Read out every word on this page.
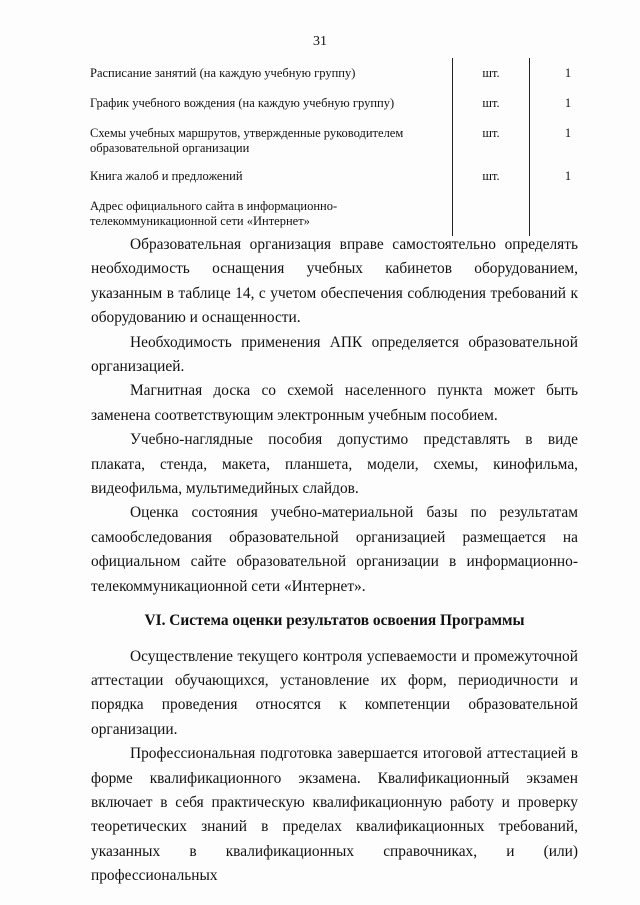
31
Расписание занятий (на каждую учебную группу)	шт.	1
График учебного вождения (на каждую учебную группу)	шт.	1
Схемы учебных маршрутов, утвержденные руководителем образовательной организации	шт.	1
Книга жалоб и предложений	шт.	1
Адрес официального сайта в информационно-телекоммуникационной сети «Интернет»		

Образовательная организация вправе самостоятельно определять необходимость оснащения учебных кабинетов оборудованием, указанным в таблице 14, с учетом обеспечения соблюдения требований к оборудованию и оснащенности.

Необходимость применения АПК определяется образовательной организацией.

Магнитная доска со схемой населенного пункта может быть заменена соответствующим электронным учебным пособием.

Учебно-наглядные пособия допустимо представлять в виде плаката, стенда, макета, планшета, модели, схемы, кинофильма, видеофильма, мультимедийных слайдов.

Оценка состояния учебно-материальной базы по результатам самообследования образовательной организацией размещается на официальном сайте образовательной организации в информационно-телекоммуникационной сети «Интернет».

VI. Система оценки результатов освоения Программы

Осуществление текущего контроля успеваемости и промежуточной аттестации обучающихся, установление их форм, периодичности и порядка проведения относятся к компетенции образовательной организации.

Профессиональная подготовка завершается итоговой аттестацией в форме квалификационного экзамена. Квалификационный экзамен включает в себя практическую квалификационную работу и проверку теоретических знаний в пределах квалификационных требований, указанных в квалификационных справочниках, и (или) профессиональных
